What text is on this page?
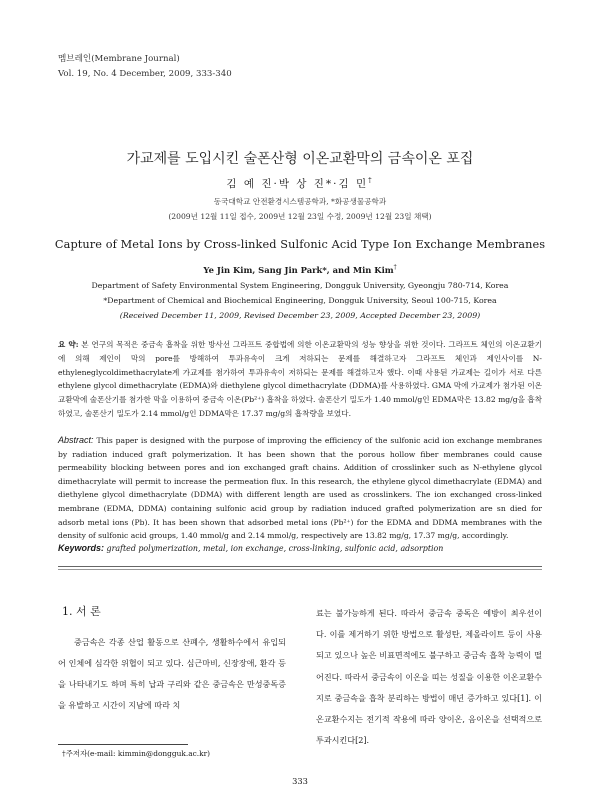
멤브레인(Membrane Journal)
Vol. 19, No. 4 December, 2009, 333-340
가교제를 도입시킨 술폰산형 이온교환막의 금속이온 포집
김 예 진·박 상 진*·김 민†
동국대학교 안전환경시스템공학과, *화공생물공학과
(2009년 12월 11일 접수, 2009년 12월 23일 수정, 2009년 12월 23일 채택)
Capture of Metal Ions by Cross-linked Sulfonic Acid Type Ion Exchange Membranes
Ye Jin Kim, Sang Jin Park*, and Min Kim†
Department of Safety Environmental System Engineering, Dongguk University, Gyeongju 780-714, Korea
*Department of Chemical and Biochemical Engineering, Dongguk University, Seoul 100-715, Korea
(Received December 11, 2009, Revised December 23, 2009, Accepted December 23, 2009)
요 약: 본 연구의 목적은 중금속 흡착을 위한 방사선 그라프트 중합법에 의한 이온교환막의 성능 향상을 위한 것이다. 그라프트 체인의 이온교환기에 의해 제인이 막의 pore를 방해하여 투과유속이 크게 저하되는 문제를 해결하고자 그라프트 체인과 제인사이를 N-ethyleneglycoldimethacrylate계 가교제를 첨가하여 투과유속이 저하되는 문제를 해결하고자 했다. 이때 사용된 가교제는 길이가 서로 다른 ethylene glycol dimethacrylate (EDMA)와 diethylene glycol dimethacrylate (DDMA)를 사용하였다. GMA 막에 가교제가 첨가된 이온교환막에 술폰산기를 첨가한 막을 이용하여 중금속 이온(Pb²⁺) 흡착을 하였다. 술폰산기 밀도가 1.40 mmol/g인 EDMA막은 13.82 mg/g을 흡착하였고, 술폰산기 밀도가 2.14 mmol/g인 DDMA막은 17.37 mg/g의 흡착량을 보였다.
Abstract: This paper is designed with the purpose of improving the efficiency of the sulfonic acid ion exchange membranes by radiation induced graft polymerization. It has been shown that the porous hollow fiber membranes could cause permeability blocking between pores and ion exchanged graft chains. Addition of crosslinker such as N-ethylene glycol dimethacrylate will permit to increase the permeation flux. In this research, the ethylene glycol dimethacrylate (EDMA) and diethylene glycol dimethacrylate (DDMA) with different length are used as crosslinkers. The ion exchanged cross-linked membrane (EDMA, DDMA) containing sulfonic acid group by radiation induced grafted polymerization are sn died for adsorb metal ions (Pb). It has been shown that adsorbed metal ions (Pb²⁺) for the EDMA and DDMA membranes with the density of sulfonic acid groups, 1.40 mmol/g and 2.14 mmol/g, respectively are 13.82 mg/g, 17.37 mg/g, accordingly.
Keywords: grafted polymerization, metal, ion exchange, cross-linking, sulfonic acid, adsorption
1. 서 론
중금속은 각종 산업 활동으로 산폐수, 생활하수에서 유입되어 인체에 심각한 위협이 되고 있다. 심근마비, 신장장애, 환각 등을 나타내기도 하며 특히 납과 구리와 같은 중금속은 만성중독증을 유발하고 시간이 지남에 따라 치
료는 불가능하게 된다. 따라서 중금속 중독은 예방이 최우선이다. 이를 제거하기 위한 방법으로 활성탄, 제올라이트 등이 사용되고 있으나 높은 비표면적에도 불구하고 중금속 흡착 능력이 떨어진다. 따라서 중금속이 이온을 띠는 성질을 이용한 이온교환수지로 중금속을 흡착 분리하는 방법이 매년 증가하고 있다[1]. 이온교환수지는 전기적 작용에 따라 양이온, 음이온을 선택적으로 투과시킨다[2].
†주저자(e-mail: kimmin@dongguk.ac.kr)
333
